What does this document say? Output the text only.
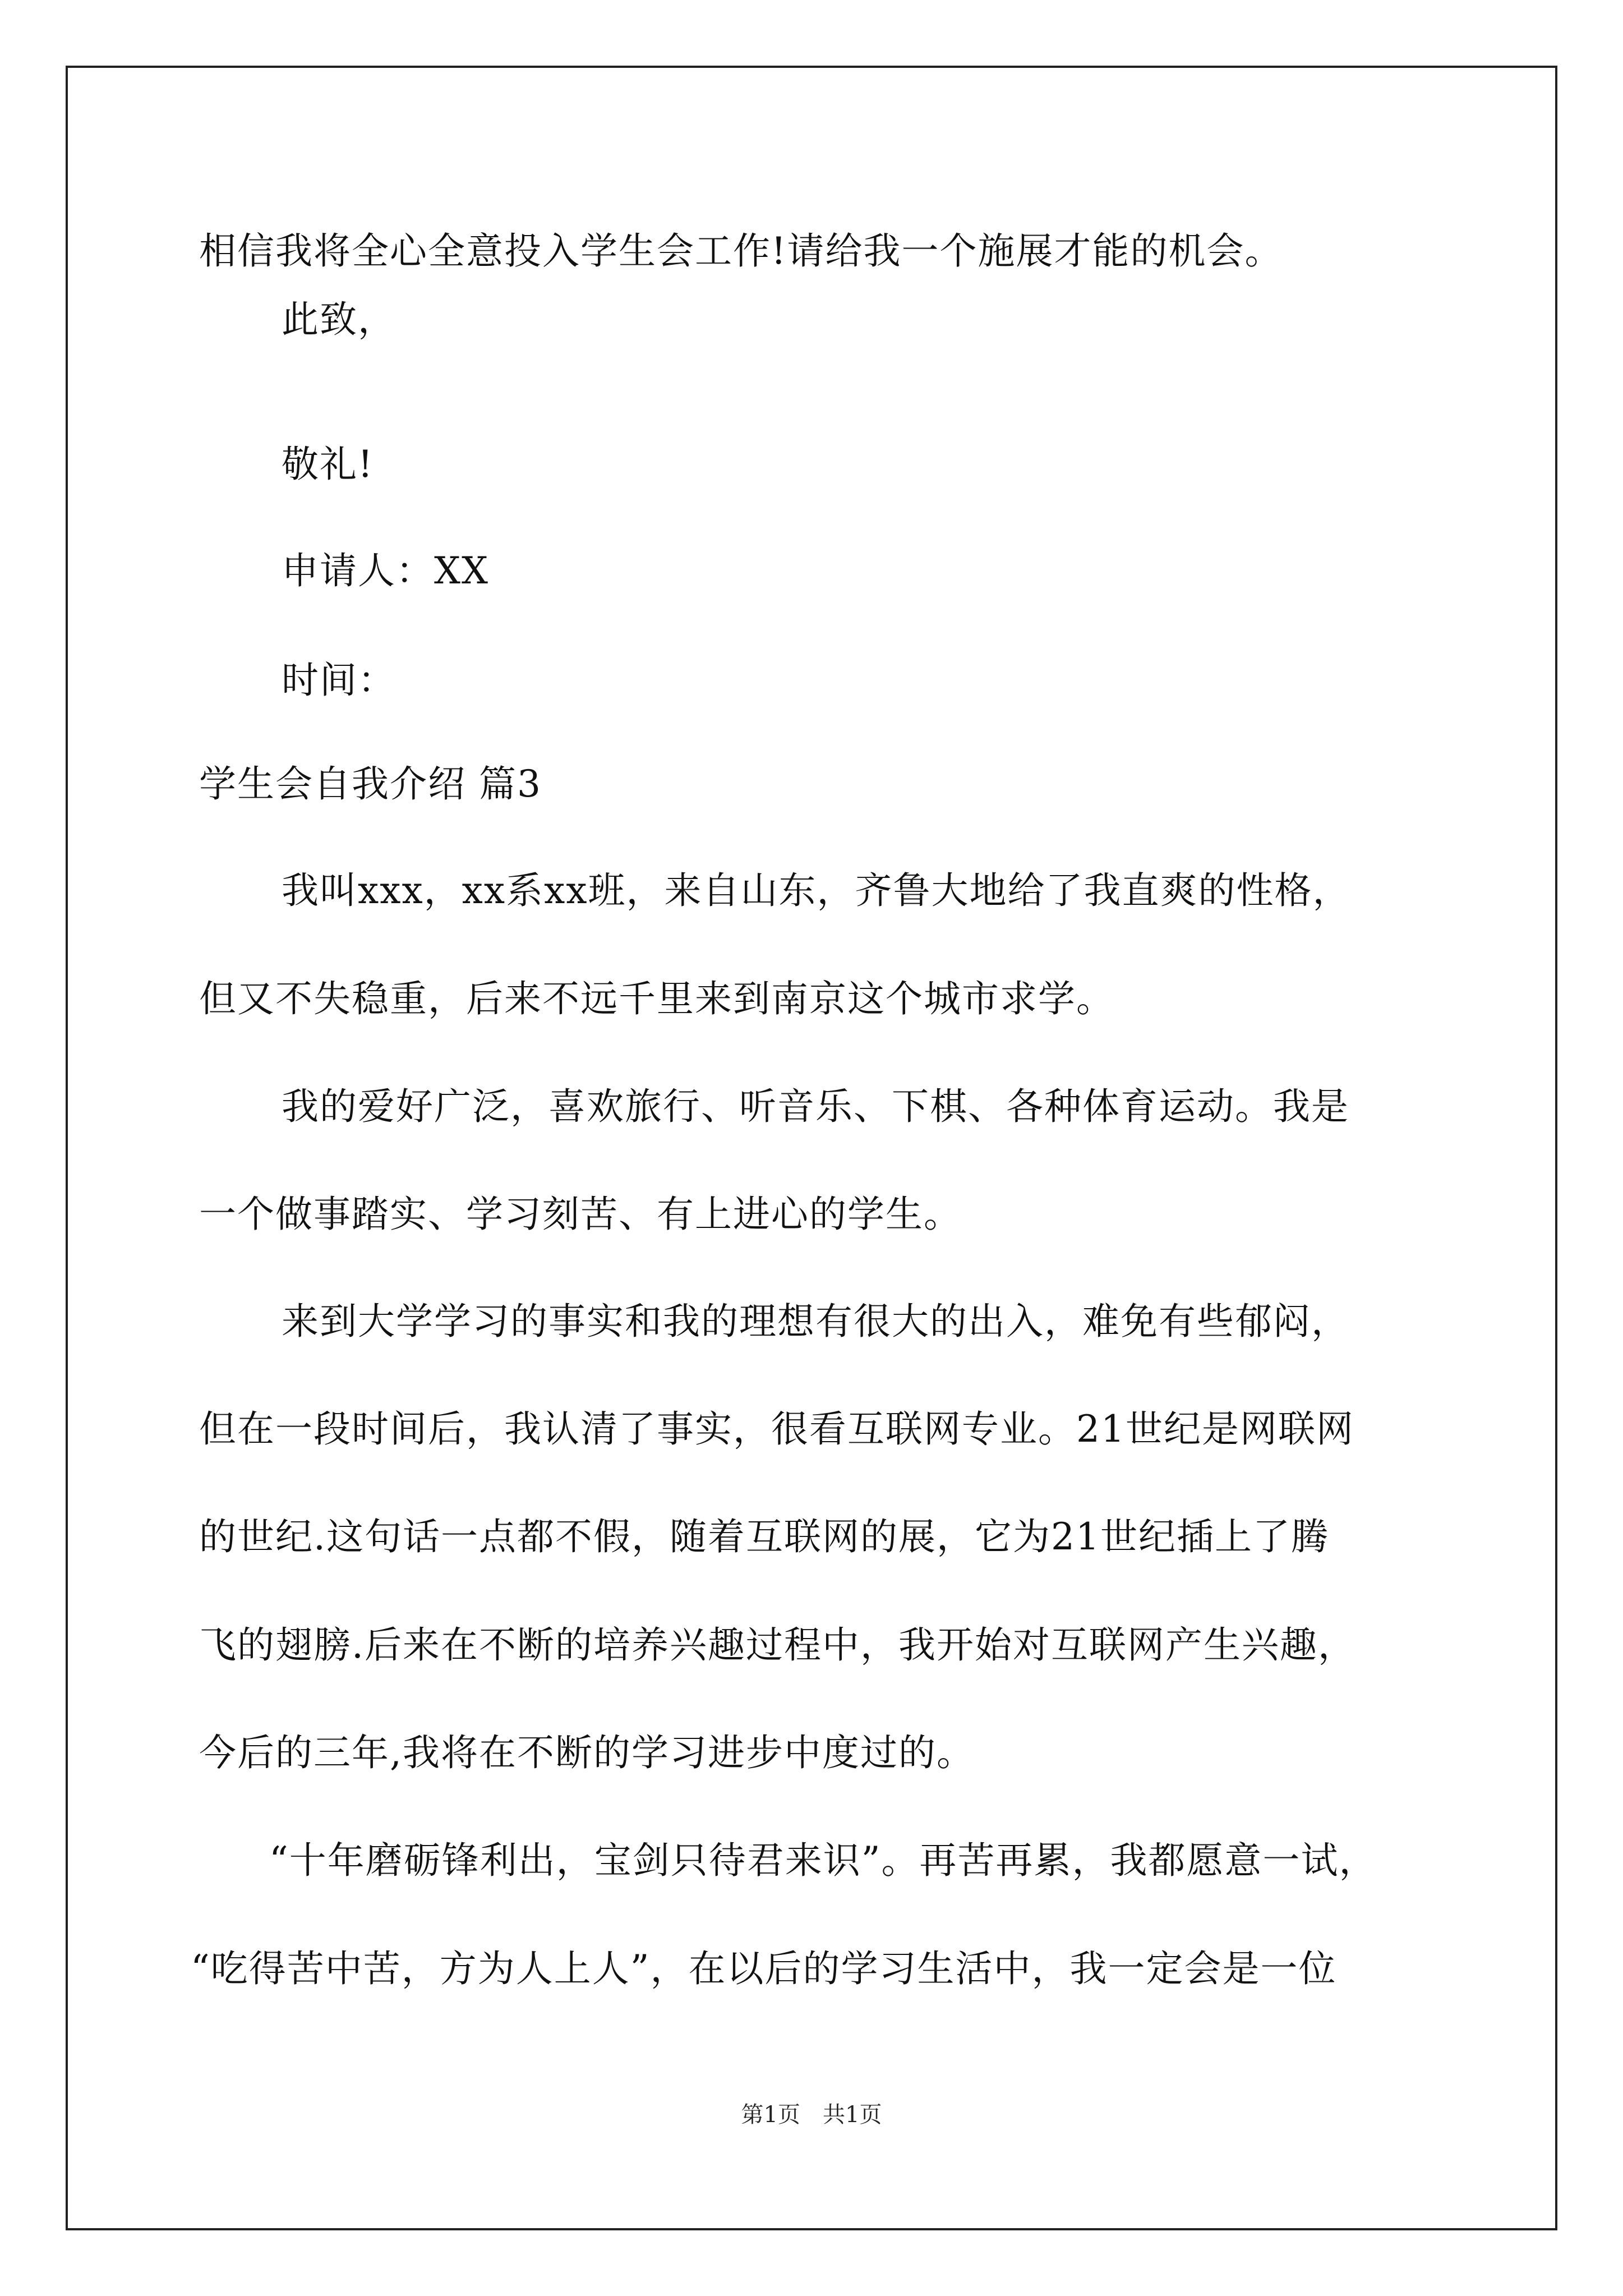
相信我将全心全意投入学生会工作!请给我一个施展才能的机会。
此致，
敬礼!
申请人：XX
时间：
学生会自我介绍 篇3
我叫xxx，xx系xx班，来自山东，齐鲁大地给了我直爽的性格，
但又不失稳重，后来不远千里来到南京这个城市求学。
我的爱好广泛，喜欢旅行、听音乐、下棋、各种体育运动。我是
一个做事踏实、学习刻苦、有上进心的学生。
来到大学学习的事实和我的理想有很大的出入，难免有些郁闷，
但在一段时间后，我认清了事实，很看互联网专业。21世纪是网联网
的世纪.这句话一点都不假，随着互联网的展，它为21世纪插上了腾
飞的翅膀.后来在不断的培养兴趣过程中，我开始对互联网产生兴趣，
今后的三年,我将在不断的学习进步中度过的。
“十年磨砺锋利出，宝剑只待君来识”。再苦再累，我都愿意一试，
“吃得苦中苦，方为人上人”，在以后的学习生活中，我一定会是一位
第1页　共1页
